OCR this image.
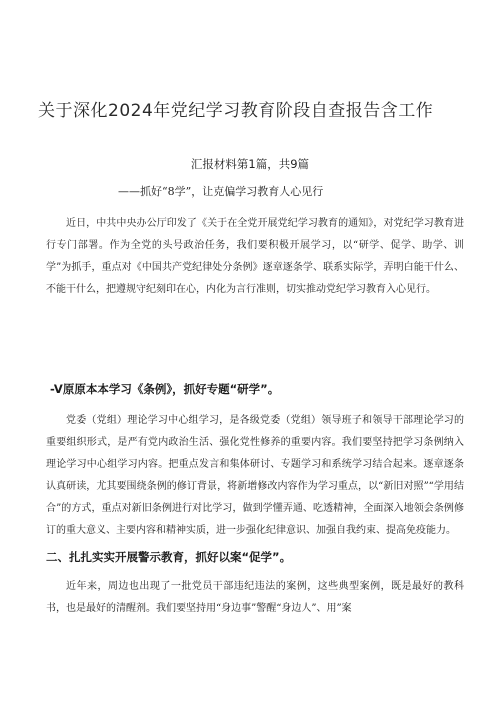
关于深化2024年党纪学习教育阶段自查报告含工作
汇报材料第1篇，共9篇
——抓好“8学”，让克偏学习教育人心见行

近日，中共中央办公厅印发了《关于在全党开展党纪学习教育的通知》，对党纪学习教育进行专门部署。作为全党的头号政治任务，我们要积极开展学习，以“研学、促学、助学、训学”为抓手，重点对《中国共产党纪律处分条例》逐章逐条学、联系实际学，弄明白能干什么、不能干什么，把遵规守纪刻印在心，内化为言行准则，切实推动党纪学习教育入心见行。

-V原原本本学习《条例》，抓好专题“研学”。

党委（党组）理论学习中心组学习，是各级党委（党组）领导班子和领导干部理论学习的重要组织形式，是严有党内政治生活、强化党性修养的重要内容。我们要坚持把学习条例纳入理论学习中心组学习内容。把重点发言和集体研讨、专题学习和系统学习结合起来。逐章逐条认真研读，尤其要围绕条例的修订背景，将新增修改内容作为学习重点，以“新旧对照”“学用结合”的方式，重点对新旧条例进行对比学习，做到学懂弄通、吃透精神，全面深入地领会条例修订的重大意义、主要内容和精神实质，进一步强化纪律意识、加强自我约束、提高免疫能力。

二、扎扎实实开展警示教育，抓好以案“促学”。

近年来，周边也出现了一批党员干部违纪违法的案例，这些典型案例，既是最好的教科书，也是最好的清醒剂。我们要坚持用“身边事”警醒“身边人”、用”案
